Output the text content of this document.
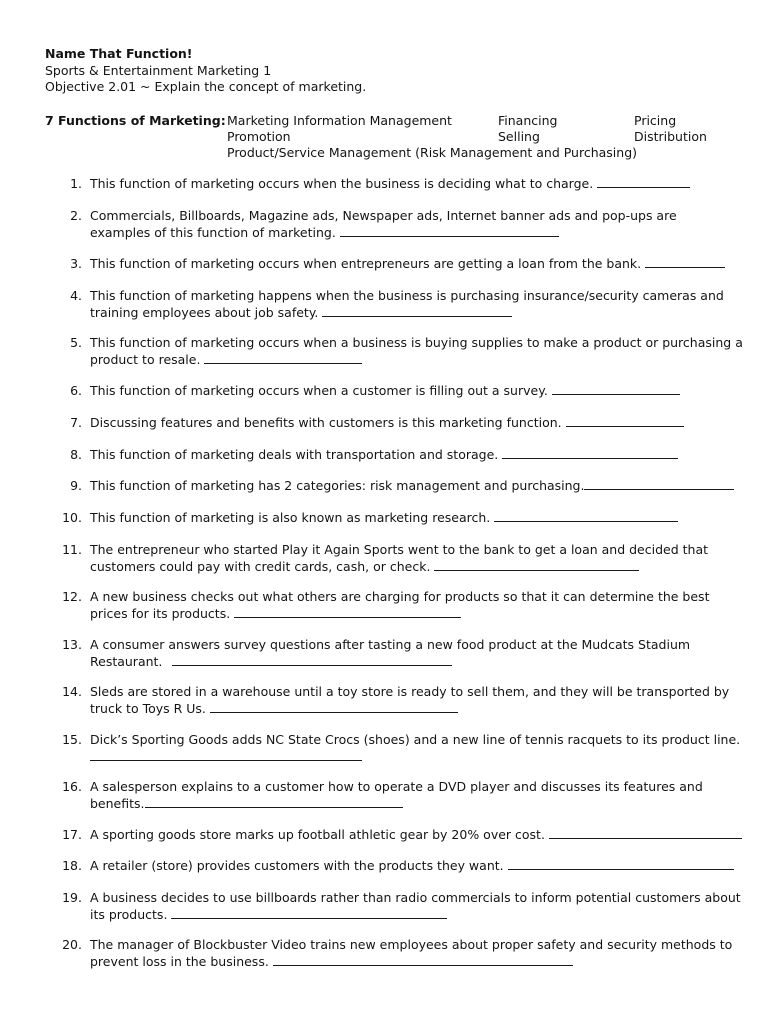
Name That Function!
Sports & Entertainment Marketing 1
Objective 2.01 ~ Explain the concept of marketing.
7 Functions of Marketing: Marketing Information Management
Promotion
Product/Service Management (Risk Management and Purchasing)
Financing
Selling
Pricing
Distribution
1. This function of marketing occurs when the business is deciding what to charge.
2. Commercials, Billboards, Magazine ads, Newspaper ads, Internet banner ads and pop-ups are
examples of this function of marketing.
3. This function of marketing occurs when entrepreneurs are getting a loan from the bank.
4. This function of marketing happens when the business is purchasing insurance/security cameras and
training employees about job safety.
5. This function of marketing occurs when a business is buying supplies to make a product or purchasing a
product to resale.
6. This function of marketing occurs when a customer is filling out a survey.
7. Discussing features and benefits with customers is this marketing function.
8. This function of marketing deals with transportation and storage.
9. This function of marketing has 2 categories: risk management and purchasing.
10. This function of marketing is also known as marketing research.
11. The entrepreneur who started Play it Again Sports went to the bank to get a loan and decided that
customers could pay with credit cards, cash, or check.
12. A new business checks out what others are charging for products so that it can determine the best
prices for its products.
13. A consumer answers survey questions after tasting a new food product at the Mudcats Stadium
Restaurant.
14. Sleds are stored in a warehouse until a toy store is ready to sell them, and they will be transported by
truck to Toys R Us.
15. Dick’s Sporting Goods adds NC State Crocs (shoes) and a new line of tennis racquets to its product line.
16. A salesperson explains to a customer how to operate a DVD player and discusses its features and
benefits.
17. A sporting goods store marks up football athletic gear by 20% over cost.
18. A retailer (store) provides customers with the products they want.
19. A business decides to use billboards rather than radio commercials to inform potential customers about
its products.
20. The manager of Blockbuster Video trains new employees about proper safety and security methods to
prevent loss in the business.
